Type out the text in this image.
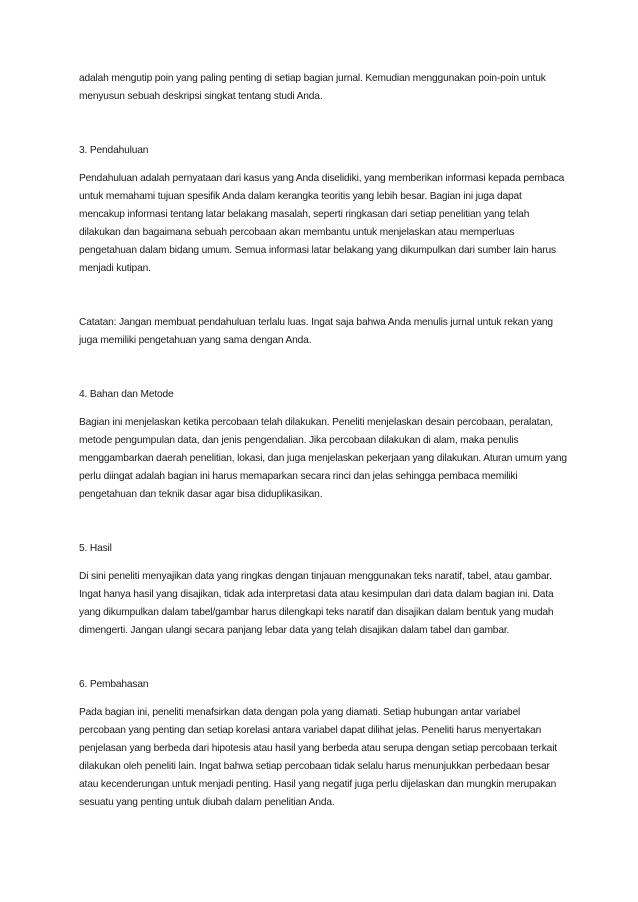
adalah mengutip poin yang paling penting di setiap bagian jurnal. Kemudian menggunakan poin-poin untuk menyusun sebuah deskripsi singkat tentang studi Anda.

3. Pendahuluan

Pendahuluan adalah pernyataan dari kasus yang Anda diselidiki, yang memberikan informasi kepada pembaca untuk memahami tujuan spesifik Anda dalam kerangka teoritis yang lebih besar. Bagian ini juga dapat mencakup informasi tentang latar belakang masalah, seperti ringkasan dari setiap penelitian yang telah dilakukan dan bagaimana sebuah percobaan akan membantu untuk menjelaskan atau memperluas pengetahuan dalam bidang umum. Semua informasi latar belakang yang dikumpulkan dari sumber lain harus menjadi kutipan.

Catatan: Jangan membuat pendahuluan terlalu luas. Ingat saja bahwa Anda menulis jurnal untuk rekan yang juga memiliki pengetahuan yang sama dengan Anda.

4. Bahan dan Metode

Bagian ini menjelaskan ketika percobaan telah dilakukan. Peneliti menjelaskan desain percobaan, peralatan, metode pengumpulan data, dan jenis pengendalian. Jika percobaan dilakukan di alam, maka penulis menggambarkan daerah penelitian, lokasi, dan juga menjelaskan pekerjaan yang dilakukan. Aturan umum yang perlu diingat adalah bagian ini harus memaparkan secara rinci dan jelas sehingga pembaca memiliki pengetahuan dan teknik dasar agar bisa diduplikasikan.

5. Hasil

Di sini peneliti menyajikan data yang ringkas dengan tinjauan menggunakan teks naratif, tabel, atau gambar. Ingat hanya hasil yang disajikan, tidak ada interpretasi data atau kesimpulan dari data dalam bagian ini. Data yang dikumpulkan dalam tabel/gambar harus dilengkapi teks naratif dan disajikan dalam bentuk yang mudah dimengerti. Jangan ulangi secara panjang lebar data yang telah disajikan dalam tabel dan gambar.

6. Pembahasan

Pada bagian ini, peneliti menafsirkan data dengan pola yang diamati. Setiap hubungan antar variabel percobaan yang penting dan setiap korelasi antara variabel dapat dilihat jelas. Peneliti harus menyertakan penjelasan yang berbeda dari hipotesis atau hasil yang berbeda atau serupa dengan setiap percobaan terkait dilakukan oleh peneliti lain. Ingat bahwa setiap percobaan tidak selalu harus menunjukkan perbedaan besar atau kecenderungan untuk menjadi penting. Hasil yang negatif juga perlu dijelaskan dan mungkin merupakan sesuatu yang penting untuk diubah dalam penelitian Anda.
